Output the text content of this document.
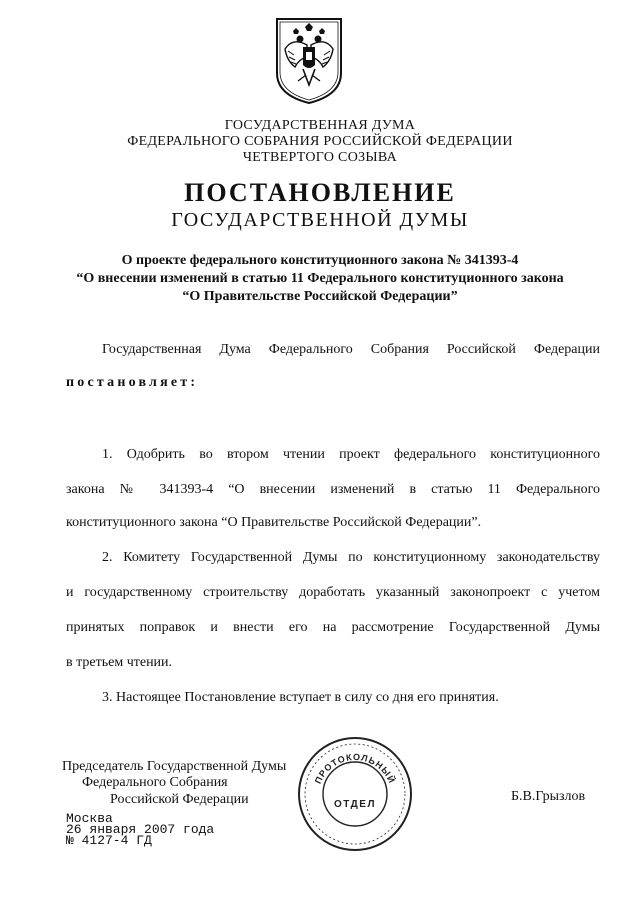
ГОСУДАРСТВЕННАЯ ДУМА
ФЕДЕРАЛЬНОГО СОБРАНИЯ РОССИЙСКОЙ ФЕДЕРАЦИИ
ЧЕТВЕРТОГО СОЗЫВА
ПОСТАНОВЛЕНИЕ
ГОСУДАРСТВЕННОЙ ДУМЫ
О проекте федерального конституционного закона № 341393-4
“О внесении изменений в статью 11 Федерального конституционного закона
“О Правительстве Российской Федерации”
Государственная Дума Федерального Собрания Российской Федерации
постановляет:
1. Одобрить во втором чтении проект федерального конституционного
закона № 341393-4 “О внесении изменений в статью 11 Федерального
конституционного закона “О Правительстве Российской Федерации”.
2. Комитету Государственной Думы по конституционному законодательству
и государственному строительству доработать указанный законопроект с учетом
принятых поправок и внести его на рассмотрение Государственной Думы
в третьем чтении.
3. Настоящее Постановление вступает в силу со дня его принятия.
Председатель Государственной Думы
Федерального Собрания
Российской Федерации	Б.В.Грызлов
ПРОТОКОЛЬНЫЙ
ОТДЕЛ
Москва
26 января 2007 года
№ 4127-4 ГД
